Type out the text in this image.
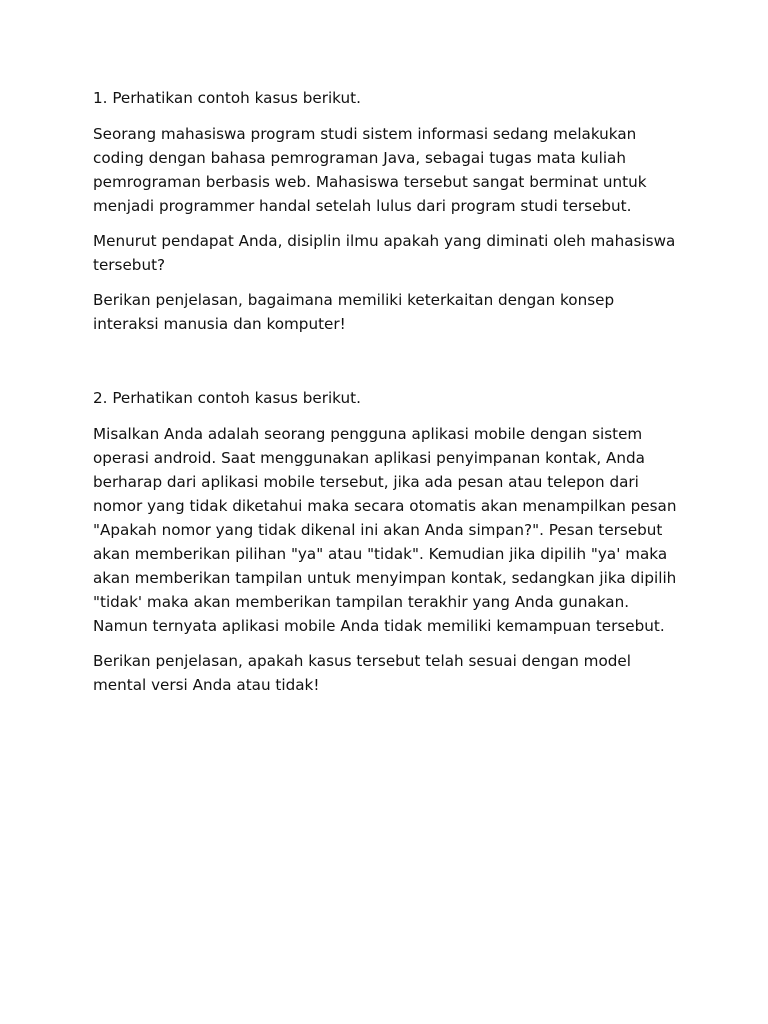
1. Perhatikan contoh kasus berikut.

Seorang mahasiswa program studi sistem informasi sedang melakukan coding dengan bahasa pemrograman Java, sebagai tugas mata kuliah pemrograman berbasis web. Mahasiswa tersebut sangat berminat untuk menjadi programmer handal setelah lulus dari program studi tersebut.

Menurut pendapat Anda, disiplin ilmu apakah yang diminati oleh mahasiswa tersebut?

Berikan penjelasan, bagaimana memiliki keterkaitan dengan konsep interaksi manusia dan komputer!

2. Perhatikan contoh kasus berikut.

Misalkan Anda adalah seorang pengguna aplikasi mobile dengan sistem operasi android. Saat menggunakan aplikasi penyimpanan kontak, Anda berharap dari aplikasi mobile tersebut, jika ada pesan atau telepon dari nomor yang tidak diketahui maka secara otomatis akan menampilkan pesan "Apakah nomor yang tidak dikenal ini akan Anda simpan?". Pesan tersebut akan memberikan pilihan "ya" atau "tidak". Kemudian jika dipilih "ya' maka akan memberikan tampilan untuk menyimpan kontak, sedangkan jika dipilih "tidak' maka akan memberikan tampilan terakhir yang Anda gunakan. Namun ternyata aplikasi mobile Anda tidak memiliki kemampuan tersebut.

Berikan penjelasan, apakah kasus tersebut telah sesuai dengan model mental versi Anda atau tidak!
